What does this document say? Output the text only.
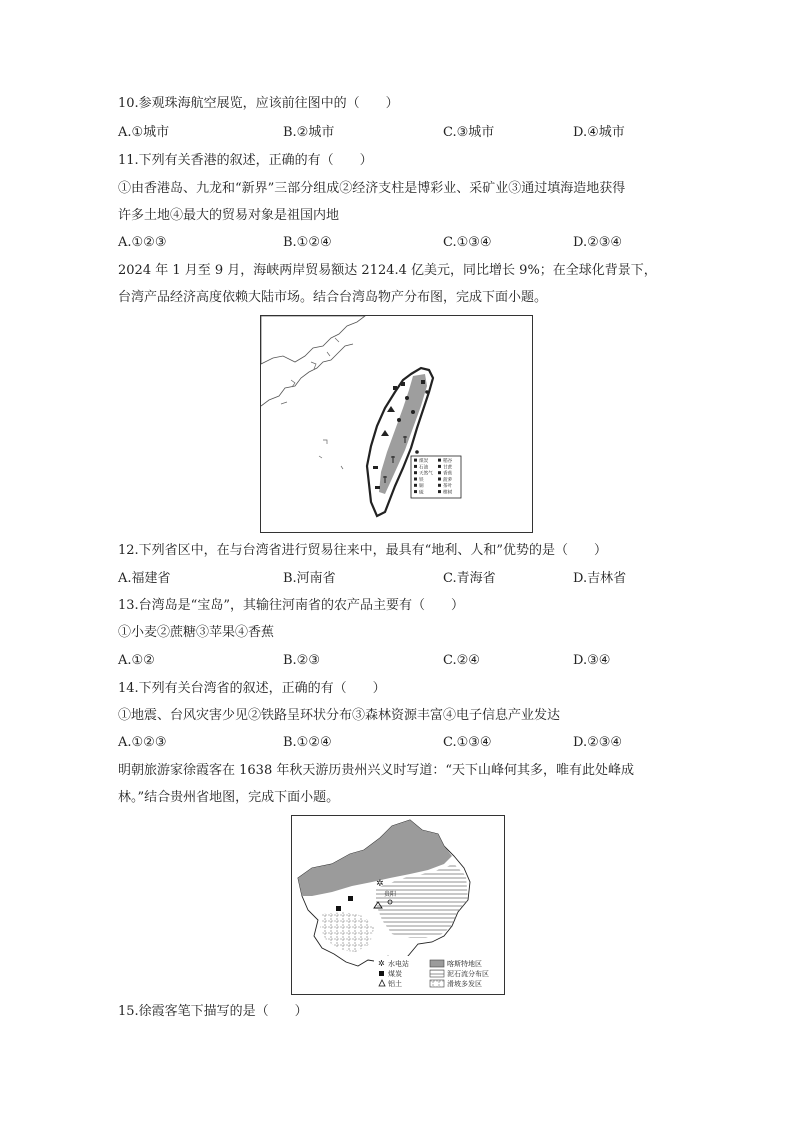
10.参观珠海航空展览，应该前往图中的（　　）
A.①城市	B.②城市	C.③城市	D.④城市
11.下列有关香港的叙述，正确的有（　　）
①由香港岛、九龙和“新界”三部分组成②经济支柱是博彩业、采矿业③通过填海造地获得
许多土地④最大的贸易对象是祖国内地
A.①②③	B.①②④	C.①③④	D.②③④
2024 年 1 月至 9 月，海峡两岸贸易额达 2124.4 亿美元，同比增长 9%；在全球化背景下，
台湾产品经济高度依赖大陆市场。结合台湾岛物产分布图，完成下面小题。
煤炭
石油
天然气
铁
铜
硫
稻谷
甘蔗
香蕉
菠萝
茶叶
樟树
12.下列省区中，在与台湾省进行贸易往来中，最具有“地利、人和”优势的是（　　）
A.福建省	B.河南省	C.青海省	D.吉林省
13.台湾岛是“宝岛”，其输往河南省的农产品主要有（　　）
①小麦②蔗糖③苹果④香蕉
A.①②	B.②③	C.②④	D.③④
14.下列有关台湾省的叙述，正确的有（　　）
①地震、台风灾害少见②铁路呈环状分布③森林资源丰富④电子信息产业发达
A.①②③	B.①②④	C.①③④	D.②③④
明朝旅游家徐霞客在 1638 年秋天游历贵州兴义时写道：“天下山峰何其多，唯有此处峰成
林。”结合贵州省地图，完成下面小题。
✲
贵阳
✲ 水电站
煤炭
铝土
喀斯特地区
泥石流分布区
滑坡多发区
15.徐霞客笔下描写的是（　　）
